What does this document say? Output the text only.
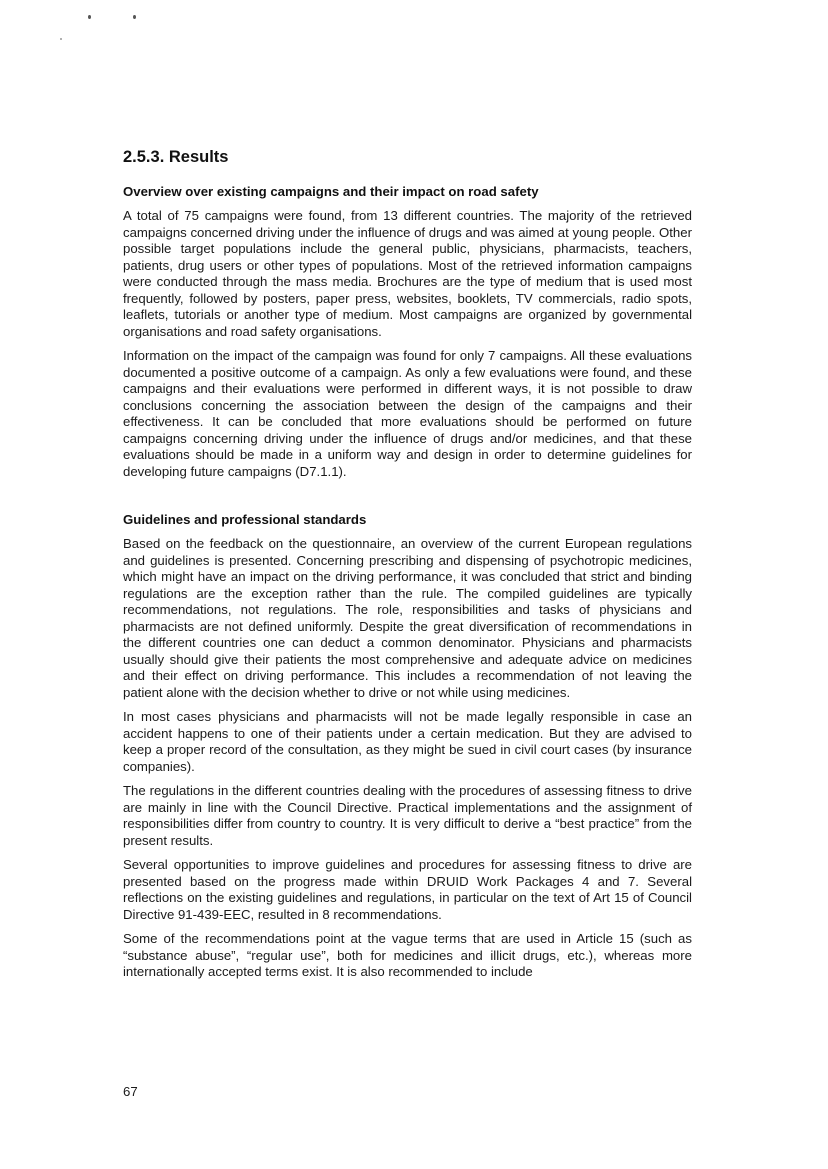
2.5.3. Results
Overview over existing campaigns and their impact on road safety

A total of 75 campaigns were found, from 13 different countries. The majority of the retrieved campaigns concerned driving under the influence of drugs and was aimed at young people. Other possible target populations include the general public, physicians, pharmacists, teachers, patients, drug users or other types of populations. Most of the retrieved information campaigns were conducted through the mass media. Brochures are the type of medium that is used most frequently, followed by posters, paper press, websites, booklets, TV commercials, radio spots, leaflets, tutorials or another type of medium. Most campaigns are organized by governmental organisations and road safety organisations.

Information on the impact of the campaign was found for only 7 campaigns. All these evaluations documented a positive outcome of a campaign. As only a few evaluations were found, and these campaigns and their evaluations were performed in different ways, it is not possible to draw conclusions concerning the association between the design of the campaigns and their effectiveness. It can be concluded that more evaluations should be performed on future campaigns concerning driving under the influence of drugs and/or medicines, and that these evaluations should be made in a uniform way and design in order to determine guidelines for developing future campaigns (D7.1.1).

Guidelines and professional standards

Based on the feedback on the questionnaire, an overview of the current European regulations and guidelines is presented. Concerning prescribing and dispensing of psychotropic medicines, which might have an impact on the driving performance, it was concluded that strict and binding regulations are the exception rather than the rule. The compiled guidelines are typically recommendations, not regulations. The role, responsibilities and tasks of physicians and pharmacists are not defined uniformly. Despite the great diversification of recommendations in the different countries one can deduct a common denominator. Physicians and pharmacists usually should give their patients the most comprehensive and adequate advice on medicines and their effect on driving performance. This includes a recommendation of not leaving the patient alone with the decision whether to drive or not while using medicines.

In most cases physicians and pharmacists will not be made legally responsible in case an accident happens to one of their patients under a certain medication. But they are advised to keep a proper record of the consultation, as they might be sued in civil court cases (by insurance companies).

The regulations in the different countries dealing with the procedures of assessing fitness to drive are mainly in line with the Council Directive. Practical implementations and the assignment of responsibilities differ from country to country. It is very difficult to derive a “best practice” from the present results.

Several opportunities to improve guidelines and procedures for assessing fitness to drive are presented based on the progress made within DRUID Work Packages 4 and 7. Several reflections on the existing guidelines and regulations, in particular on the text of Art 15 of Council Directive 91-439-EEC, resulted in 8 recommendations.

Some of the recommendations point at the vague terms that are used in Article 15 (such as “substance abuse”, “regular use”, both for medicines and illicit drugs, etc.), whereas more internationally accepted terms exist. It is also recommended to include

67
